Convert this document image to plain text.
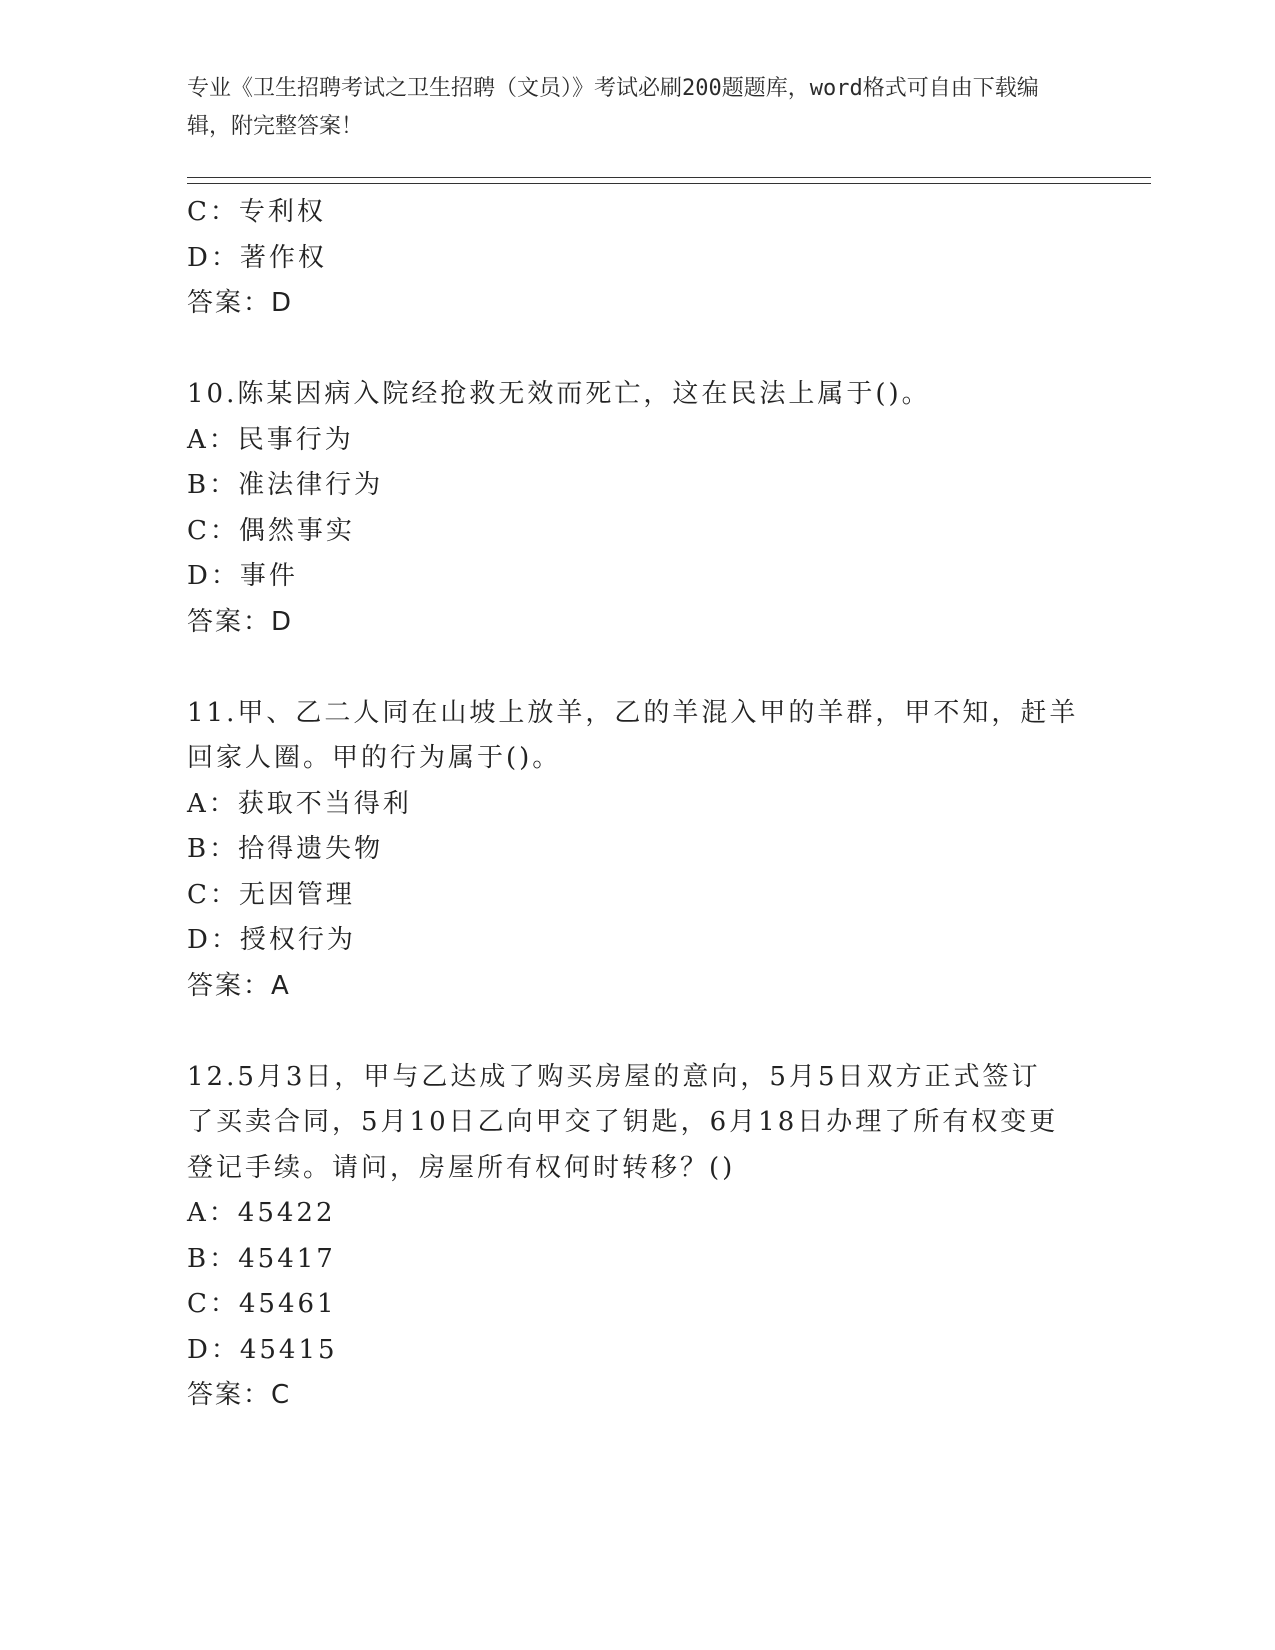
专业《卫生招聘考试之卫生招聘（文员）》考试必刷200题题库，word格式可自由下载编辑，附完整答案！
C：专利权
D：著作权
答案：D
10.陈某因病入院经抢救无效而死亡，这在民法上属于()。
A：民事行为
B：准法律行为
C：偶然事实
D：事件
答案：D
11.甲、乙二人同在山坡上放羊，乙的羊混入甲的羊群，甲不知，赶羊
回家人圈。甲的行为属于()。
A：获取不当得利
B：拾得遗失物
C：无因管理
D：授权行为
答案：A
12.5月3日，甲与乙达成了购买房屋的意向，5月5日双方正式签订
了买卖合同，5月10日乙向甲交了钥匙，6月18日办理了所有权变更
登记手续。请问，房屋所有权何时转移？()
A：45422
B：45417
C：45461
D：45415
答案：C
